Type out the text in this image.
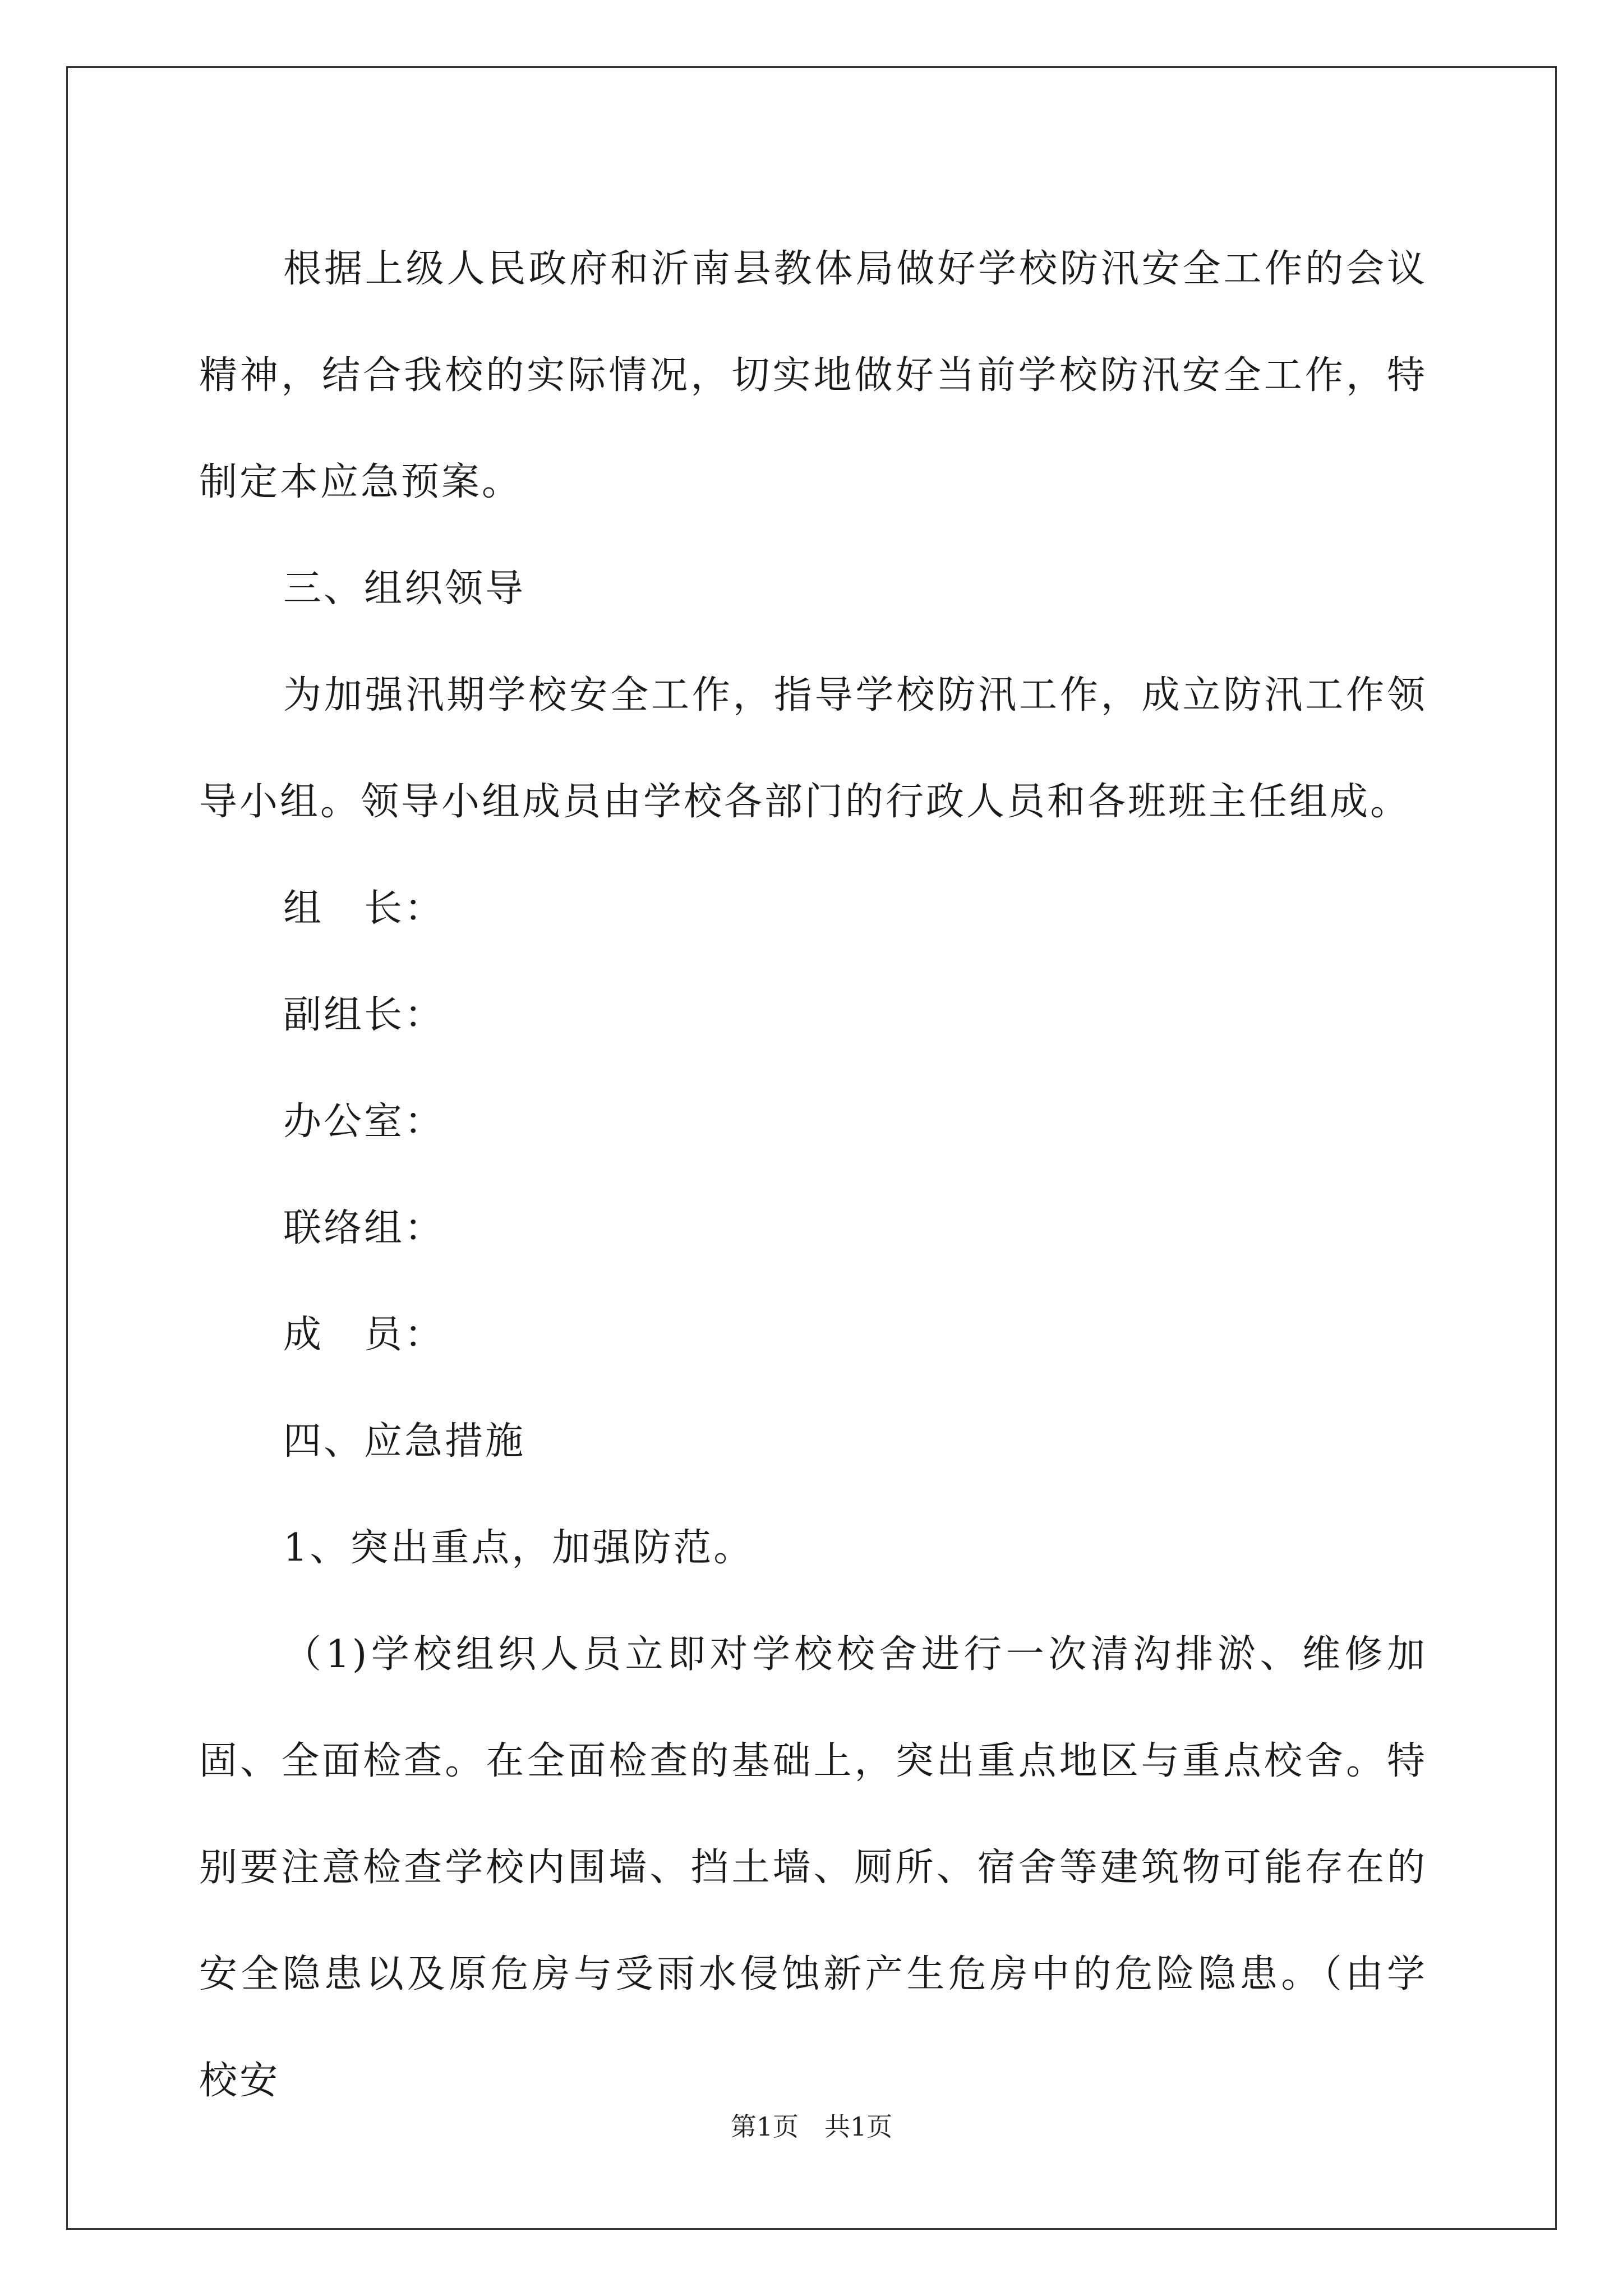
根据上级人民政府和沂南县教体局做好学校防汛安全工作的会议精神，结合我校的实际情况，切实地做好当前学校防汛安全工作，特制定本应急预案。

三、组织领导

为加强汛期学校安全工作，指导学校防汛工作，成立防汛工作领导小组。领导小组成员由学校各部门的行政人员和各班班主任组成。

组　长：

副组长：

办公室：

联络组：

成　员：

四、应急措施

1、突出重点，加强防范。

（1)学校组织人员立即对学校校舍进行一次清沟排淤、维修加固、全面检查。在全面检查的基础上，突出重点地区与重点校舍。特别要注意检查学校内围墙、挡土墙、厕所、宿舍等建筑物可能存在的安全隐患以及原危房与受雨水侵蚀新产生危房中的危险隐患。（由学校安

第1页　共1页
